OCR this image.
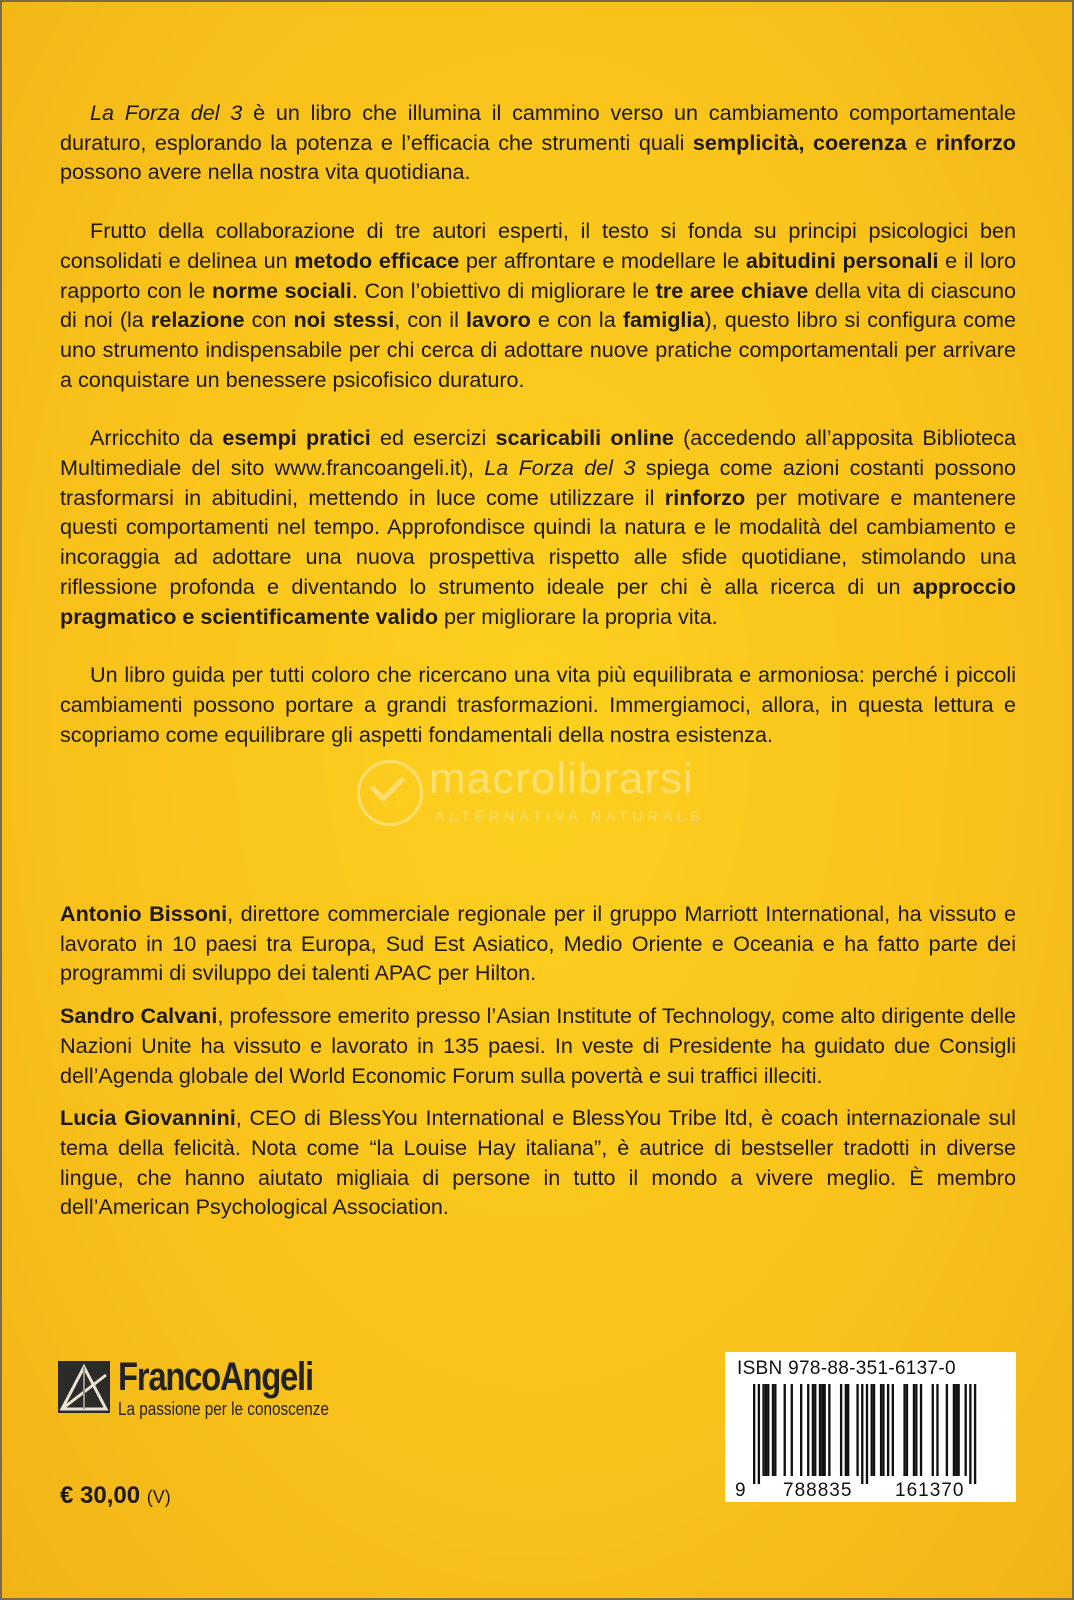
La Forza del 3 è un libro che illumina il cammino verso un cambiamento comportamentale duraturo, esplorando la potenza e l’efficacia che strumenti quali semplicità, coerenza e rinforzo possono avere nella nostra vita quotidiana.

Frutto della collaborazione di tre autori esperti, il testo si fonda su principi psicologici ben consolidati e delinea un metodo efficace per affrontare e modellare le abitudini personali e il loro rapporto con le norme sociali. Con l’obiettivo di migliorare le tre aree chiave della vita di ciascuno di noi (la relazione con noi stessi, con il lavoro e con la famiglia), questo libro si configura come uno strumento indispensabile per chi cerca di adottare nuove pratiche comportamentali per arrivare a conquistare un benessere psicofisico duraturo.

Arricchito da esempi pratici ed esercizi scaricabili online (accedendo all’apposita Biblioteca Multimediale del sito www.francoangeli.it), La Forza del 3 spiega come azioni costanti possono trasformarsi in abitudini, mettendo in luce come utilizzare il rinforzo per motivare e mantenere questi comportamenti nel tempo. Approfondisce quindi la natura e le modalità del cambiamento e incoraggia ad adottare una nuova prospettiva rispetto alle sfide quotidiane, stimolando una riflessione profonda e diventando lo strumento ideale per chi è alla ricerca di un approccio pragmatico e scientificamente valido per migliorare la propria vita.

Un libro guida per tutti coloro che ricercano una vita più equilibrata e armoniosa: perché i piccoli cambiamenti possono portare a grandi trasformazioni. Immergiamoci, allora, in questa lettura e scopriamo come equilibrare gli aspetti fondamentali della nostra esistenza.

macrolibrarsi
ALTERNATIVA NATURALE

Antonio Bissoni, direttore commerciale regionale per il gruppo Marriott International, ha vissuto e lavorato in 10 paesi tra Europa, Sud Est Asiatico, Medio Oriente e Oceania e ha fatto parte dei programmi di sviluppo dei talenti APAC per Hilton.

Sandro Calvani, professore emerito presso l’Asian Institute of Technology, come alto dirigente delle Nazioni Unite ha vissuto e lavorato in 135 paesi. In veste di Presidente ha guidato due Consigli dell’Agenda globale del World Economic Forum sulla povertà e sui traffici illeciti.

Lucia Giovannini, CEO di BlessYou International e BlessYou Tribe ltd, è coach internazionale sul tema della felicità. Nota come “la Louise Hay italiana”, è autrice di bestseller tradotti in diverse lingue, che hanno aiutato migliaia di persone in tutto il mondo a vivere meglio. È membro dell’American Psychological Association.

FrancoAngeli
La passione per le conoscenze
€ 30,00 (V)
ISBN 978-88-351-6137-0
9 788835 161370
